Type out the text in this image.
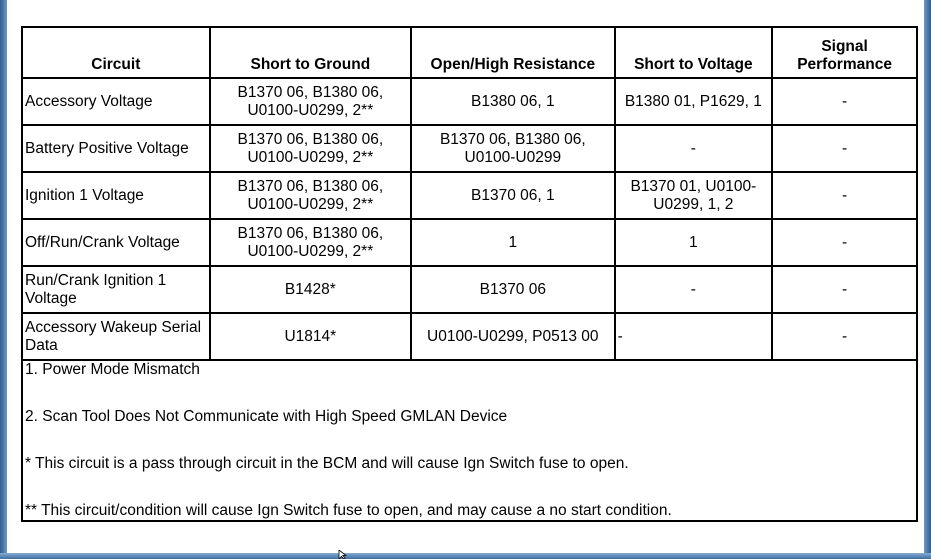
Circuit	Short to Ground	Open/High Resistance	Short to Voltage	Signal Performance
Accessory Voltage	B1370 06, B1380 06, U0100-U0299, 2**	B1380 06, 1	B1380 01, P1629, 1	-
Battery Positive Voltage	B1370 06, B1380 06, U0100-U0299, 2**	B1370 06, B1380 06, U0100-U0299	-	-
Ignition 1 Voltage	B1370 06, B1380 06, U0100-U0299, 2**	B1370 06, 1	B1370 01, U0100-U0299, 1, 2	-
Off/Run/Crank Voltage	B1370 06, B1380 06, U0100-U0299, 2**	1	1	-
Run/Crank Ignition 1 Voltage	B1428*	B1370 06	-	-
Accessory Wakeup Serial Data	U1814*	U0100-U0299, P0513 00	-	-

1. Power Mode Mismatch

2. Scan Tool Does Not Communicate with High Speed GMLAN Device

* This circuit is a pass through circuit in the BCM and will cause Ign Switch fuse to open.

** This circuit/condition will cause Ign Switch fuse to open, and may cause a no start condition.				
